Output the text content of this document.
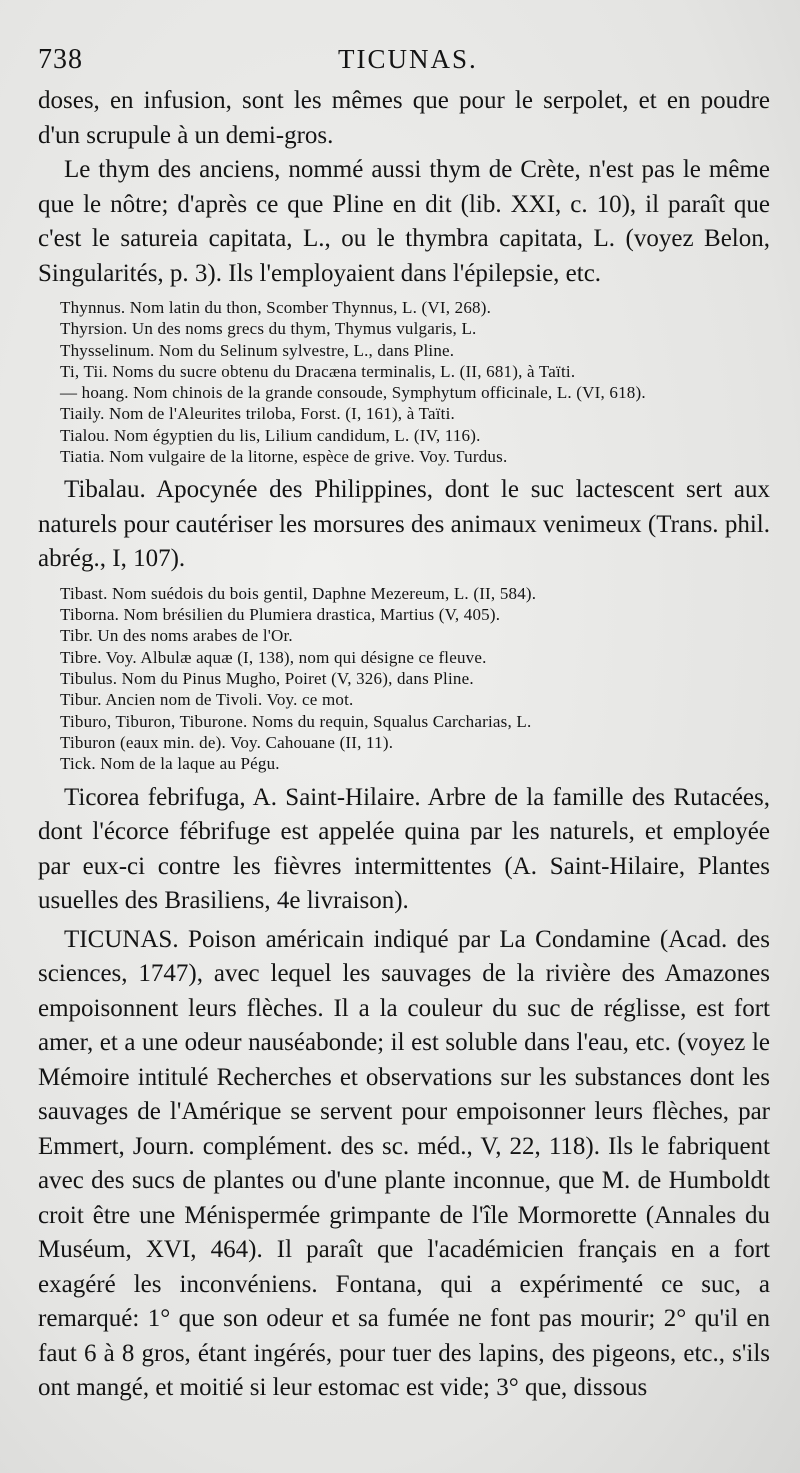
738	TICUNAS.

doses, en infusion, sont les mêmes que pour le serpolet, et en poudre d'un scrupule à un demi-gros.

Le thym des anciens, nommé aussi thym de Crète, n'est pas le même que le nôtre; d'après ce que Pline en dit (lib. XXI, c. 10), il paraît que c'est le satureia capitata, L., ou le thymbra capitata, L. (voyez Belon, Singularités, p. 3). Ils l'employaient dans l'épilepsie, etc.

Thynnus. Nom latin du thon, Scomber Thynnus, L. (VI, 268).
Thyrsion. Un des noms grecs du thym, Thymus vulgaris, L.
Thysselinum. Nom du Selinum sylvestre, L., dans Pline.
Ti, Tii. Noms du sucre obtenu du Dracæna terminalis, L. (II, 681), à Taïti.
— hoang. Nom chinois de la grande consoude, Symphytum officinale, L. (VI, 618).
Tiaily. Nom de l'Aleurites triloba, Forst. (I, 161), à Taïti.
Tialou. Nom égyptien du lis, Lilium candidum, L. (IV, 116).
Tiatia. Nom vulgaire de la litorne, espèce de grive. Voy. Turdus.

Tibalau. Apocynée des Philippines, dont le suc lactescent sert aux naturels pour cautériser les morsures des animaux venimeux (Trans. phil. abrég., I, 107).

Tibast. Nom suédois du bois gentil, Daphne Mezereum, L. (II, 584).
Tiborna. Nom brésilien du Plumiera drastica, Martius (V, 405).
Tibr. Un des noms arabes de l'Or.
Tibre. Voy. Albulæ aquæ (I, 138), nom qui désigne ce fleuve.
Tibulus. Nom du Pinus Mugho, Poiret (V, 326), dans Pline.
Tibur. Ancien nom de Tivoli. Voy. ce mot.
Tiburo, Tiburon, Tiburone. Noms du requin, Squalus Carcharias, L.
Tiburon (eaux min. de). Voy. Cahouane (II, 11).
Tick. Nom de la laque au Pégu.

Ticorea febrifuga, A. Saint-Hilaire. Arbre de la famille des Rutacées, dont l'écorce fébrifuge est appelée quina par les naturels, et employée par eux-ci contre les fièvres intermittentes (A. Saint-Hilaire, Plantes usuelles des Brasiliens, 4e livraison).

TICUNAS. Poison américain indiqué par La Condamine (Acad. des sciences, 1747), avec lequel les sauvages de la rivière des Amazones empoisonnent leurs flèches. Il a la couleur du suc de réglisse, est fort amer, et a une odeur nauséabonde; il est soluble dans l'eau, etc. (voyez le Mémoire intitulé Recherches et observations sur les substances dont les sauvages de l'Amérique se servent pour empoisonner leurs flèches, par Emmert, Journ. complément. des sc. méd., V, 22, 118). Ils le fabriquent avec des sucs de plantes ou d'une plante inconnue, que M. de Humboldt croit être une Ménispermée grimpante de l'île Mormorette (Annales du Muséum, XVI, 464). Il paraît que l'académicien français en a fort exagéré les inconvéniens. Fontana, qui a expérimenté ce suc, a remarqué: 1° que son odeur et sa fumée ne font pas mourir; 2° qu'il en faut 6 à 8 gros, étant ingérés, pour tuer des lapins, des pigeons, etc., s'ils ont mangé, et moitié si leur estomac est vide; 3° que, dissous
